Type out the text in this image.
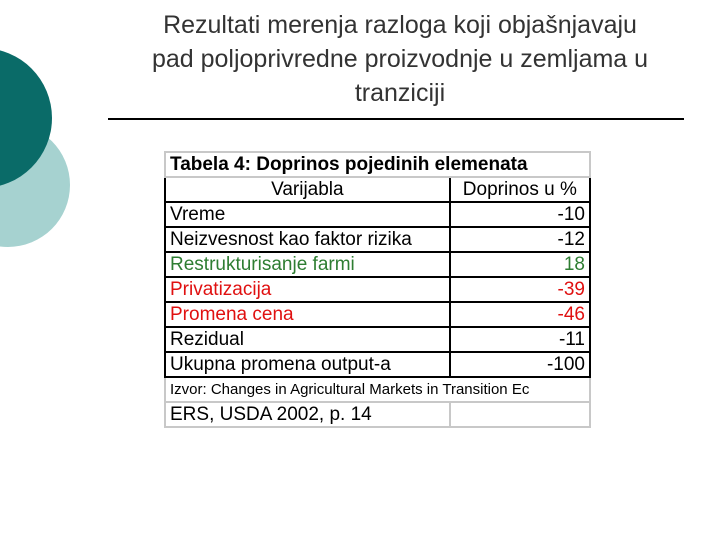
Rezultati merenja razloga koji objašnjavaju
pad poljoprivredne proizvodnje u zemljama u
tranziciji
Tabela 4: Doprinos pojedinih elemenata	
Varijabla	Doprinos u %
Vreme	-10
Neizvesnost kao faktor rizika	-12
Restrukturisanje farmi	18
Privatizacija	-39
Promena cena	-46
Rezidual	-11
Ukupna promena output-a	-100

Izvor: Changes in Agricultural Markets in Transition Ec	

ERS, USDA 2002, p. 14	
